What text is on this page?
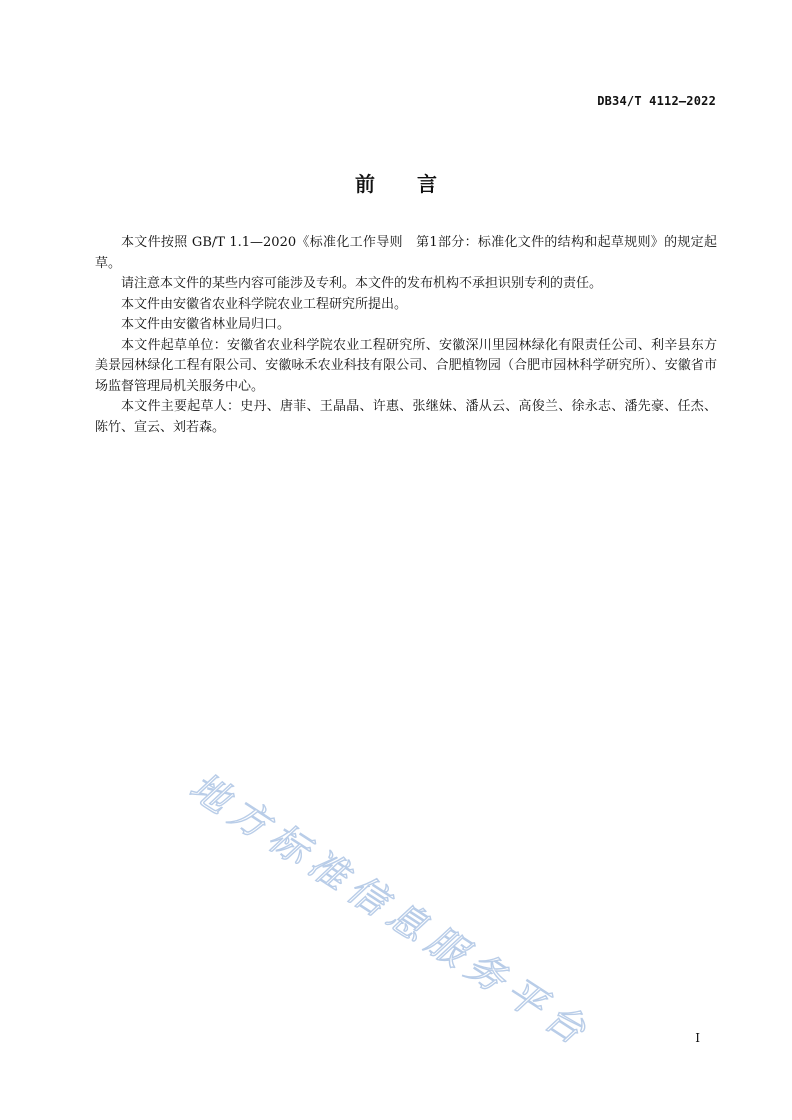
DB34/T 4112—2022
前言

本文件按照 GB/T 1.1—2020《标准化工作导则　第1部分：标准化文件的结构和起草规则》的规定起草。

请注意本文件的某些内容可能涉及专利。本文件的发布机构不承担识别专利的责任。

本文件由安徽省农业科学院农业工程研究所提出。

本文件由安徽省林业局归口。

本文件起草单位：安徽省农业科学院农业工程研究所、安徽深川里园林绿化有限责任公司、利辛县东方美景园林绿化工程有限公司、安徽咏禾农业科技有限公司、合肥植物园（合肥市园林科学研究所）、安徽省市场监督管理局机关服务中心。

本文件主要起草人：史丹、唐菲、王晶晶、许惠、张继妹、潘从云、高俊兰、徐永志、潘先豪、任杰、陈竹、宣云、刘若森。

地方标准信息服务平台	I
